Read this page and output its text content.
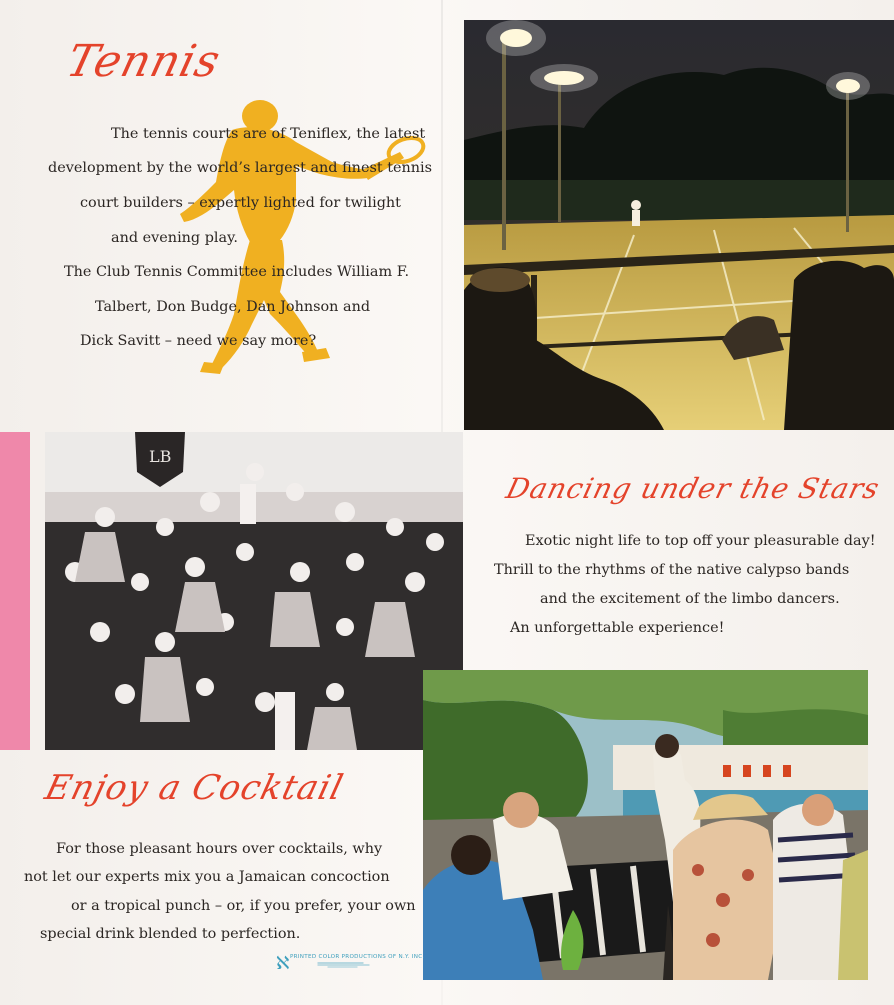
Tennis
The tennis courts are of Teniflex, the latest
development by the world’s largest and finest tennis
court builders – expertly lighted for twilight
and evening play.
The Club Tennis Committee includes William F.
Talbert, Don Budge, Dan Johnson and
Dick Savitt – need we say more?
LB
Dancing under the Stars
Exotic night life to top off your pleasurable day!
Thrill to the rhythms of the native calypso bands
and the excitement of the limbo dancers.
An unforgettable experience!
Enjoy a Cocktail
For those pleasant hours over cocktails, why
not let our experts mix you a Jamaican concoction
or a tropical punch – or, if you prefer, your own
special drink blended to perfection.
ℵ PRINTED COLOR PRODUCTIONS OF N.Y. INC.
